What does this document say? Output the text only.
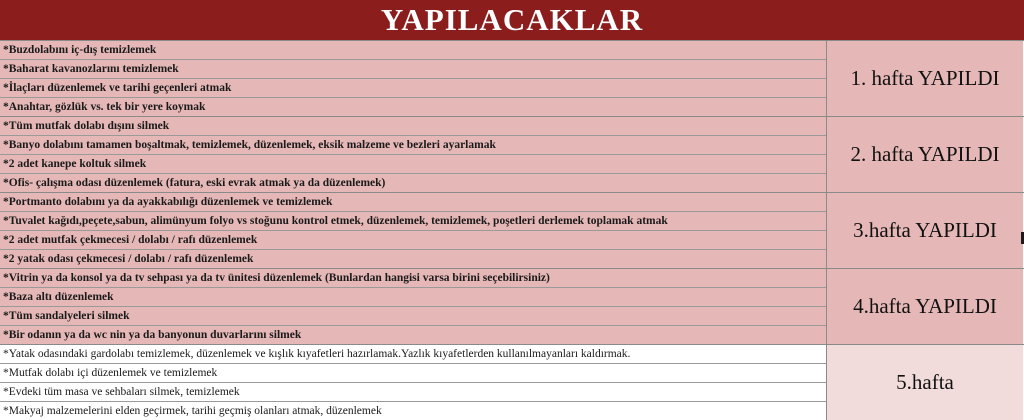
YAPILACAKLAR
*Buzdolabını iç-dış temizlemek
*Baharat kavanozlarını temizlemek
*İlaçları düzenlemek ve tarihi geçenleri atmak
*Anahtar, gözlük vs. tek bir yere koymak
1. hafta YAPILDI
*Tüm mutfak dolabı dışını silmek
*Banyo dolabını tamamen boşaltmak, temizlemek, düzenlemek, eksik malzeme ve bezleri ayarlamak
*2 adet kanepe koltuk silmek
*Ofis- çalışma odası düzenlemek (fatura, eski evrak atmak ya da düzenlemek)
2. hafta YAPILDI
*Portmanto dolabını ya da ayakkabılığı düzenlemek ve temizlemek
*Tuvalet kağıdı,peçete,sabun, alimünyum folyo vs stoğunu kontrol etmek, düzenlemek, temizlemek, poşetleri derlemek toplamak atmak
*2 adet mutfak çekmecesi / dolabı / rafı düzenlemek
*2 yatak odası çekmecesi / dolabı / rafı düzenlemek
3.hafta YAPILDI
*Vitrin ya da konsol ya da tv sehpası ya da tv ünitesi düzenlemek (Bunlardan hangisi varsa birini seçebilirsiniz)
*Baza altı düzenlemek
*Tüm sandalyeleri silmek
*Bir odanın ya da wc nin ya da banyonun duvarlarını silmek
4.hafta YAPILDI
*Yatak odasındaki gardolabı temizlemek, düzenlemek ve kışlık kıyafetleri hazırlamak.Yazlık kıyafetlerden kullanılmayanları kaldırmak.
*Mutfak dolabı içi düzenlemek ve temizlemek
*Evdeki tüm masa ve sehbaları silmek, temizlemek
*Makyaj malzemelerini elden geçirmek, tarihi geçmiş olanları atmak, düzenlemek
5.hafta
